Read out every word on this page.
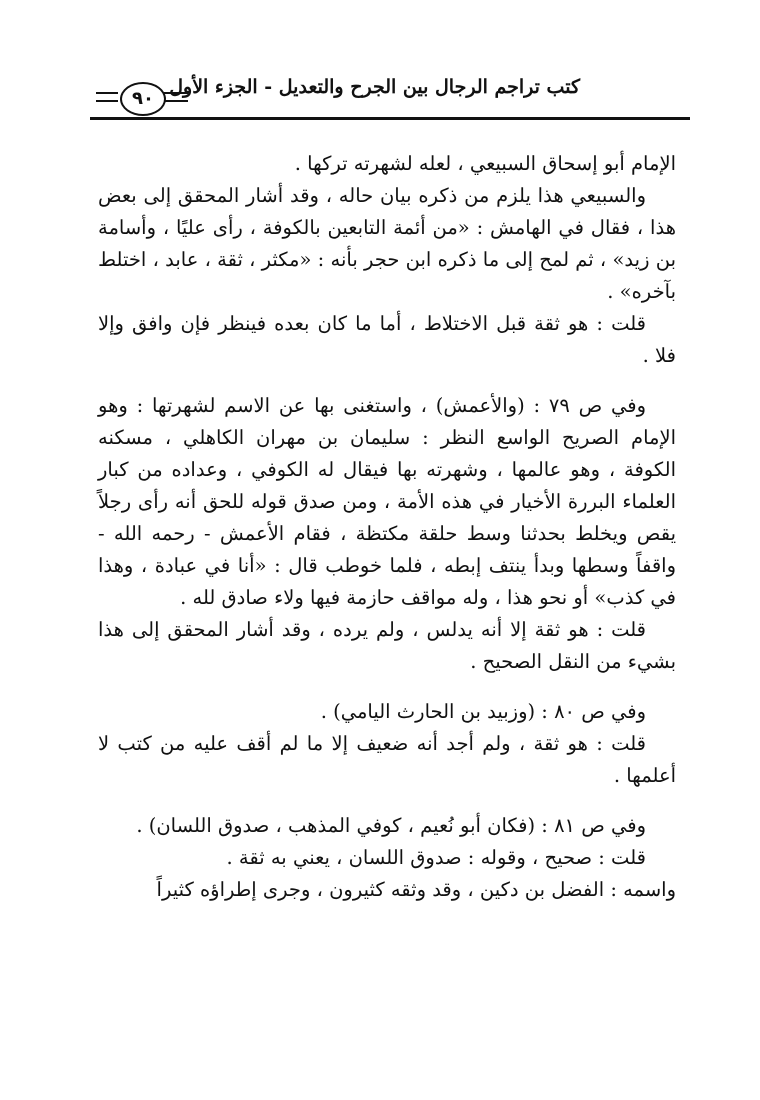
٩٠
كتب تراجم الرجال بين الجرح والتعديل - الجزء الأول

الإمام أبو إسحاق السبيعي ، لعله لشهرته تركها .

والسبيعي هذا يلزم من ذكره بيان حاله ، وقد أشار المحقق إلى بعض هذا ، فقال في الهامش : «من أئمة التابعين بالكوفة ، رأى عليًا ، وأسامة بن زيد» ، ثم لمح إلى ما ذكره ابن حجر بأنه : «مكثر ، ثقة ، عابد ، اختلط بآخره» .

قلت : هو ثقة قبل الاختلاط ، أما ما كان بعده فينظر فإن وافق وإلا فلا .

وفي ص ٧٩ : (والأعمش) ، واستغنى بها عن الاسم لشهرتها : وهو الإمام الصريح الواسع النظر : سليمان بن مهران الكاهلي ، مسكنه الكوفة ، وهو عالمها ، وشهرته بها فيقال له الكوفي ، وعداده من كبار العلماء البررة الأخيار في هذه الأمة ، ومن صدق قوله للحق أنه رأى رجلاً يقص ويخلط بحدثنا وسط حلقة مكتظة ، فقام الأعمش - رحمه الله - واقفاً وسطها وبدأ ينتف إبطه ، فلما خوطب قال : «أنا في عبادة ، وهذا في كذب» أو نحو هذا ، وله مواقف حازمة فيها ولاء صادق لله .

قلت : هو ثقة إلا أنه يدلس ، ولم يرده ، وقد أشار المحقق إلى هذا بشيء من النقل الصحيح .

وفي ص ٨٠ : (وزبيد بن الحارث اليامي) .

قلت : هو ثقة ، ولم أجد أنه ضعيف إلا ما لم أقف عليه من كتب لا أعلمها .

وفي ص ٨١ : (فكان أبو نُعيم ، كوفي المذهب ، صدوق اللسان) .

قلت : صحيح ، وقوله : صدوق اللسان ، يعني به ثقة .

واسمه : الفضل بن دكين ، وقد وثقه كثيرون ، وجرى إطراؤه كثيراً
